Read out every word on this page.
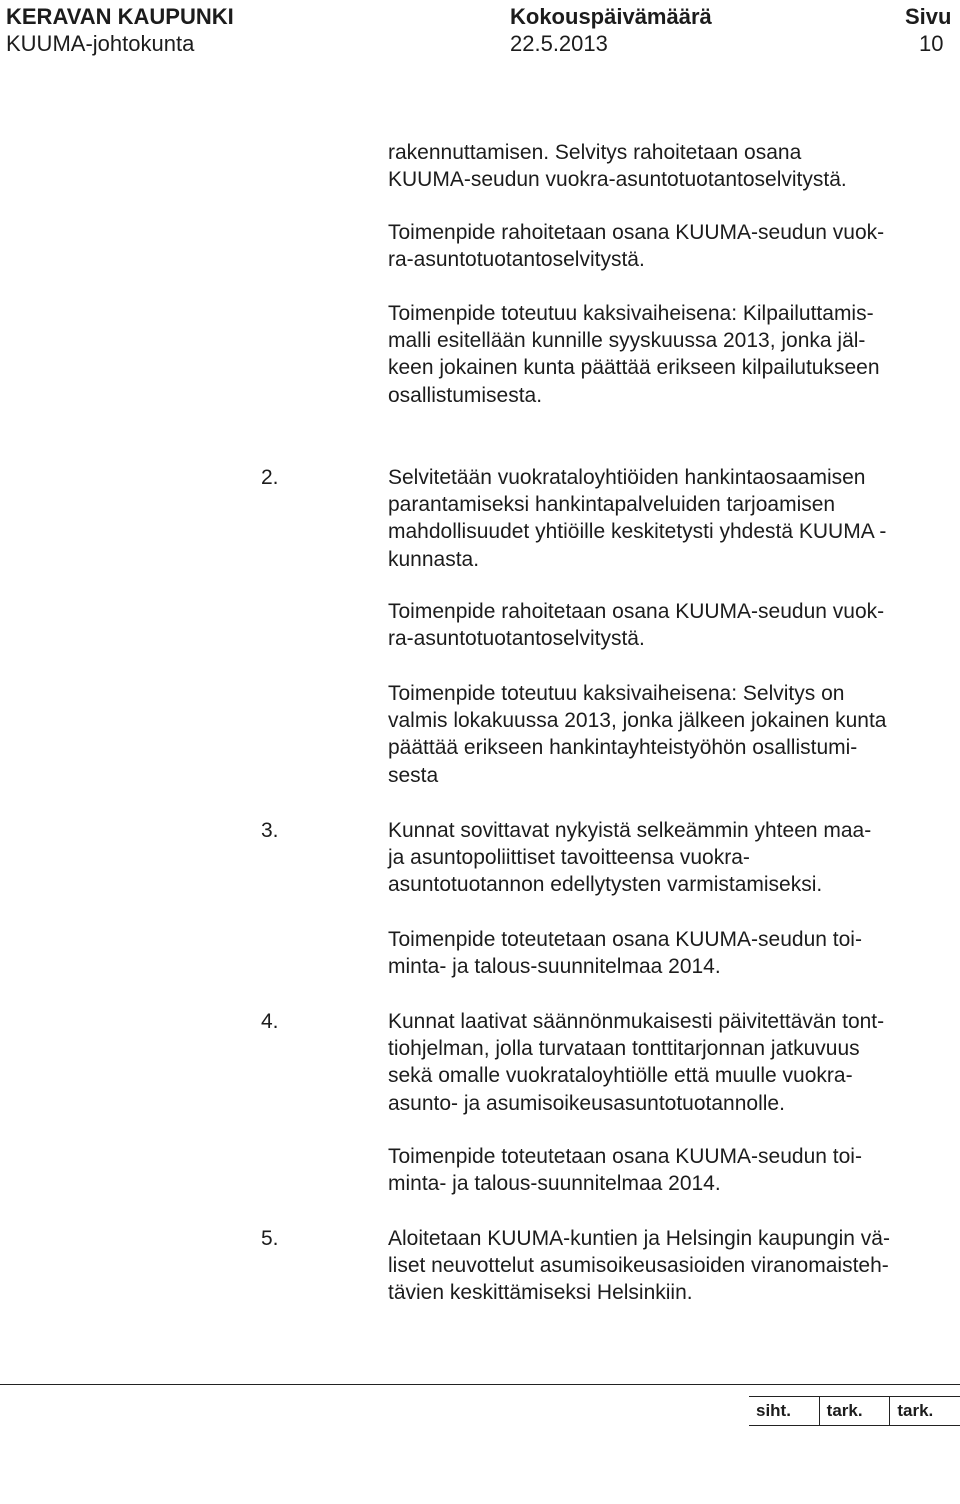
KERAVAN KAUPUNKI
KUUMA-johtokunta
Kokouspäivämäärä
22.5.2013
Sivu
10

rakennuttamisen. Selvitys rahoitetaan osana
KUUMA-seudun vuokra-asuntotuotantoselvitystä.

Toimenpide rahoitetaan osana KUUMA-seudun vuok-
ra-asuntotuotantoselvitystä.

Toimenpide toteutuu kaksivaiheisena: Kilpailuttamis-
malli esitellään kunnille syyskuussa 2013, jonka jäl-
keen jokainen kunta päättää erikseen kilpailutukseen
osallistumisesta.

2.	Selvitetään vuokrataloyhtiöiden hankintaosaamisen
parantamiseksi hankintapalveluiden tarjoamisen
mahdollisuudet yhtiöille keskitetysti yhdestä KUUMA -
kunnasta.

Toimenpide rahoitetaan osana KUUMA-seudun vuok-
ra-asuntotuotantoselvitystä.

Toimenpide toteutuu kaksivaiheisena: Selvitys on
valmis lokakuussa 2013, jonka jälkeen jokainen kunta
päättää erikseen hankintayhteistyöhön osallistumi-
sesta

3.	Kunnat sovittavat nykyistä selkeämmin yhteen maa-
ja asuntopoliittiset tavoitteensa vuokra-
asuntotuotannon edellytysten varmistamiseksi.

Toimenpide toteutetaan osana KUUMA-seudun toi-
minta- ja talous-suunnitelmaa 2014.

4.	Kunnat laativat säännönmukaisesti päivitettävän tont-
tiohjelman, jolla turvataan tonttitarjonnan jatkuvuus
sekä omalle vuokrataloyhtiölle että muulle vuokra-
asunto- ja asumisoikeusasuntotuotannolle.

Toimenpide toteutetaan osana KUUMA-seudun toi-
minta- ja talous-suunnitelmaa 2014.

5.	Aloitetaan KUUMA-kuntien ja Helsingin kaupungin vä-
liset neuvottelut asumisoikeusasioiden viranomaisteh-
tävien keskittämiseksi Helsinkiin.

siht.	tark.	tark.
